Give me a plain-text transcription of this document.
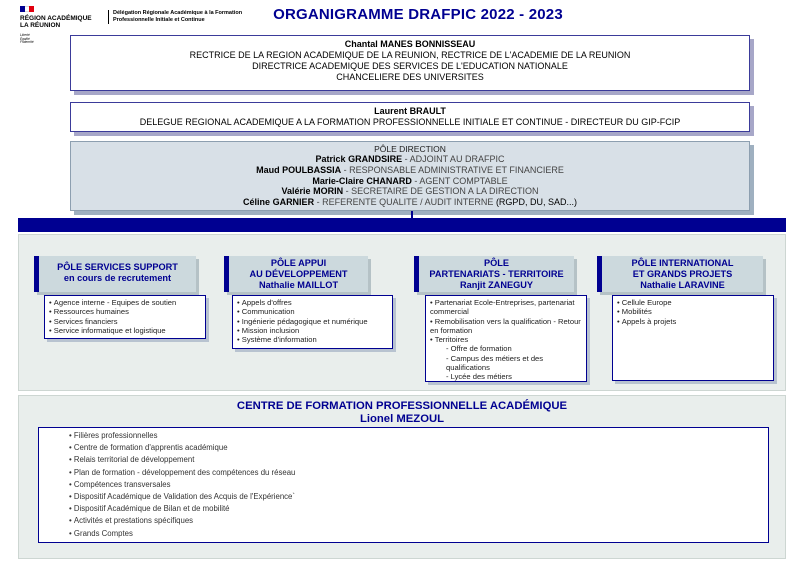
RÉGION ACADÉMIQUE
LA RÉUNION
Liberté
Égalité
Fraternité
Délégation Régionale Académique à la Formation Professionnelle Initiale et Continue	ORGANIGRAMME DRAFPIC 2022 - 2023
Chantal MANES BONNISSEAU
RECTRICE DE LA REGION ACADEMIQUE DE LA REUNION, RECTRICE DE L'ACADEMIE DE LA REUNION
DIRECTRICE ACADEMIQUE DES SERVICES DE L'EDUCATION NATIONALE
CHANCELIERE DES UNIVERSITES
Laurent BRAULT
DELEGUE REGIONAL ACADEMIQUE A LA FORMATION PROFESSIONNELLE INITIALE ET CONTINUE - DIRECTEUR DU GIP-FCIP
PÔLE DIRECTION
Patrick GRANDSIRE - ADJOINT AU DRAFPIC
Maud POULBASSIA - RESPONSABLE ADMINISTRATIVE ET FINANCIERE
Marie-Claire CHANARD - AGENT COMPTABLE
Valérie MORIN - SECRETAIRE DE GESTION A LA DIRECTION
Céline GARNIER - REFERENTE QUALITE / AUDIT INTERNE (RGPD, DU, SAD...)
PÔLE SERVICES SUPPORT
en cours de recrutement
• Agence interne - Equipes de soutien
• Ressources humaines
• Services financiers
• Service informatique et logistique
PÔLE APPUI
AU DÉVELOPPEMENT
Nathalie MAILLOT
• Appels d'offres
• Communication
• Ingénierie pédagogique et numérique
• Mission inclusion
• Système d'information
PÔLE
PARTENARIATS - TERRITOIRE
Ranjit ZANEGUY
• Partenariat Ecole-Entreprises, partenariat commercial
• Remobilisation vers la qualification - Retour en formation
• Territoires
- Offre de formation
- Campus des métiers et des qualifications
- Lycée des métiers
PÔLE INTERNATIONAL
ET GRANDS PROJETS
Nathalie LARAVINE
• Cellule Europe
• Mobilités
• Appels à projets
CENTRE DE FORMATION PROFESSIONNELLE ACADÉMIQUE
Lionel MEZOUL
• Filières professionnelles
• Centre de formation d'apprentis académique
• Relais territorial de développement
• Plan de formation - développement des compétences du réseau
• Compétences transversales
• Dispositif Académique de Validation des Acquis de l'Expérience`
• Dispositif Académique de Bilan et de mobilité
• Activités et prestations spécifiques
• Grands Comptes
